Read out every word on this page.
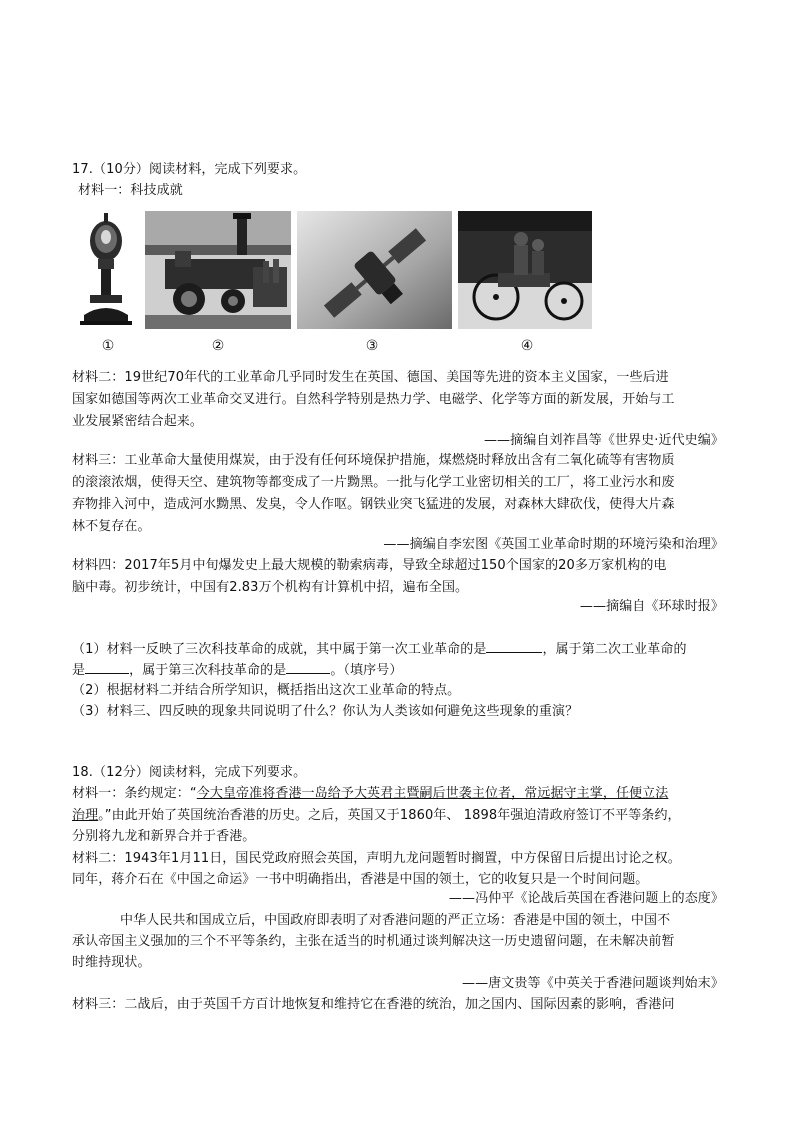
17.（10分）阅读材料，完成下列要求。
材料一：科技成就
①	②	③	④
材料二：19世纪70年代的工业革命几乎同时发生在英国、德国、美国等先进的资本主义国家，一些后进
国家如德国等两次工业革命交叉进行。自然科学特别是热力学、电磁学、化学等方面的新发展，开始与工
业发展紧密结合起来。
——摘编自刘祚昌等《世界史·近代史编》
材料三：工业革命大量使用煤炭，由于没有任何环境保护措施，煤燃烧时释放出含有二氧化硫等有害物质
的滚滚浓烟，使得天空、建筑物等都变成了一片黝黑。一批与化学工业密切相关的工厂，将工业污水和废
弃物排入河中，造成河水黝黑、发臭，令人作呕。钢铁业突飞猛进的发展，对森林大肆砍伐，使得大片森
林不复存在。
——摘编自李宏图《英国工业革命时期的环境污染和治理》
材料四：2017年5月中旬爆发史上最大规模的勒索病毒，导致全球超过150个国家的20多万家机构的电
脑中毒。初步统计，中国有2.83万个机构有计算机中招，遍布全国。
——摘编自《环球时报》
（1）材料一反映了三次科技革命的成就，其中属于第一次工业革命的是	，属于第二次工业革命的
是	，属于第三次科技革命的是	。（填序号）
（2）根据材料二并结合所学知识，概括指出这次工业革命的特点。
（3）材料三、四反映的现象共同说明了什么？你认为人类该如何避免这些现象的重演？
18.（12分）阅读材料，完成下列要求。
材料一：条约规定：“今大皇帝准将香港一岛给予大英君主暨嗣后世袭主位者，常远据守主掌，任便立法
治理。”由此开始了英国统治香港的历史。之后，英国又于1860年、 1898年强迫清政府签订不平等条约，
分别将九龙和新界合并于香港。
材料二：1943年1月11日，国民党政府照会英国，声明九龙问题暂时搁置，中方保留日后提出讨论之权。
同年，蒋介石在《中国之命运》一书中明确指出，香港是中国的领土，它的收复只是一个时间问题。
——冯仲平《论战后英国在香港问题上的态度》
中华人民共和国成立后，中国政府即表明了对香港问题的严正立场：香港是中国的领土，中国不
承认帝国主义强加的三个不平等条约，主张在适当的时机通过谈判解决这一历史遗留问题，在未解决前暂
时维持现状。
——唐文贵等《中英关于香港问题谈判始末》
材料三：二战后，由于英国千方百计地恢复和维持它在香港的统治，加之国内、国际因素的影响，香港问
